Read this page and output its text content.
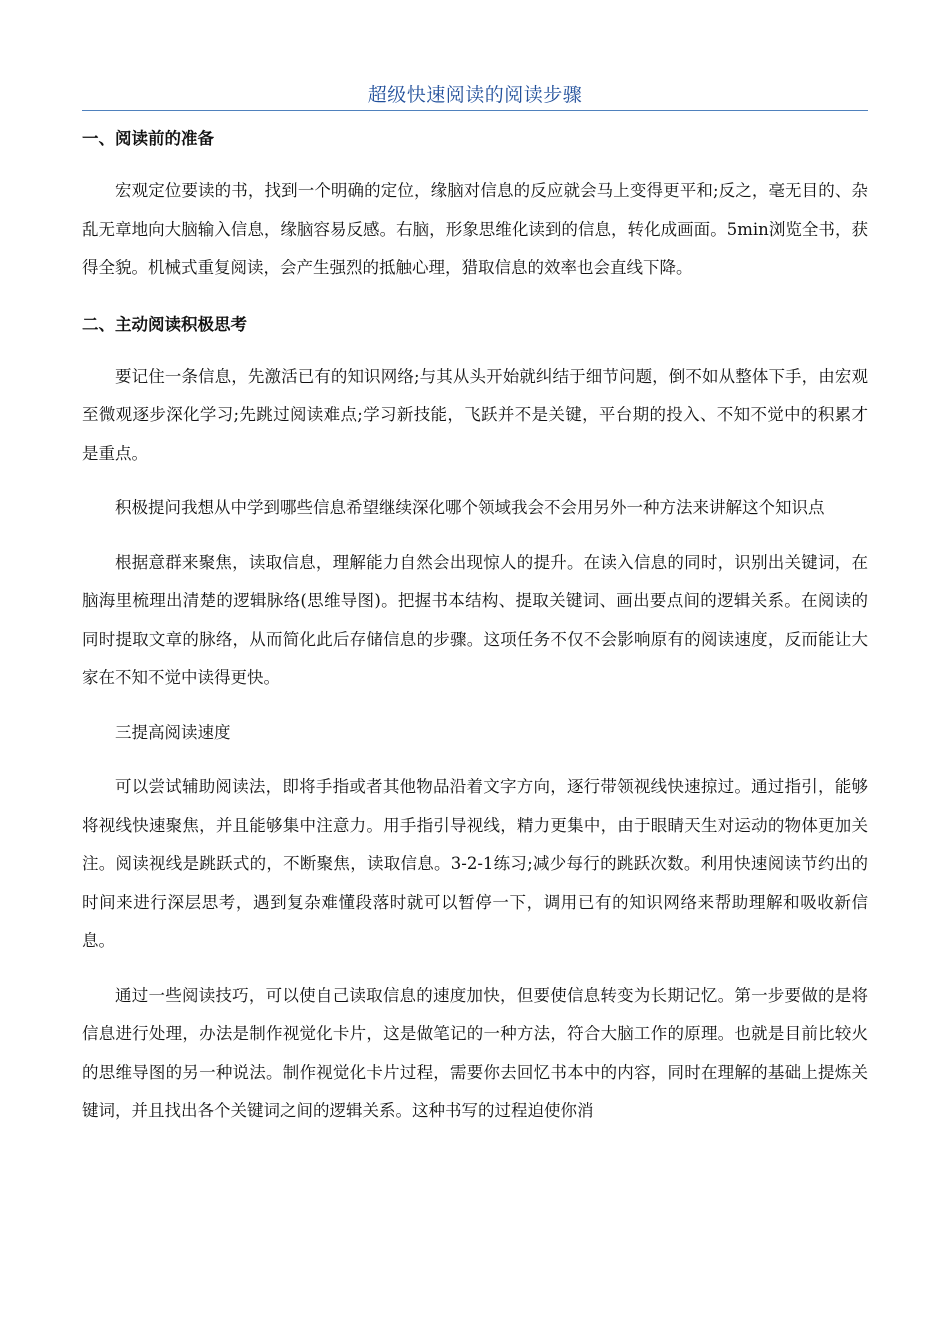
超级快速阅读的阅读步骤

一、阅读前的准备

宏观定位要读的书，找到一个明确的定位，缘脑对信息的反应就会马上变得更平和;反之，毫无目的、杂乱无章地向大脑输入信息，缘脑容易反感。右脑，形象思维化读到的信息，转化成画面。5min浏览全书，获得全貌。机械式重复阅读，会产生强烈的抵触心理，猎取信息的效率也会直线下降。

二、主动阅读积极思考

要记住一条信息，先激活已有的知识网络;与其从头开始就纠结于细节问题，倒不如从整体下手，由宏观至微观逐步深化学习;先跳过阅读难点;学习新技能，飞跃并不是关键，平台期的投入、不知不觉中的积累才是重点。

积极提问我想从中学到哪些信息希望继续深化哪个领域我会不会用另外一种方法来讲解这个知识点

根据意群来聚焦，读取信息，理解能力自然会出现惊人的提升。在读入信息的同时，识别出关键词，在脑海里梳理出清楚的逻辑脉络(思维导图)。把握书本结构、提取关键词、画出要点间的逻辑关系。在阅读的同时提取文章的脉络，从而简化此后存储信息的步骤。这项任务不仅不会影响原有的阅读速度，反而能让大家在不知不觉中读得更快。

三提高阅读速度

可以尝试辅助阅读法，即将手指或者其他物品沿着文字方向，逐行带领视线快速掠过。通过指引，能够将视线快速聚焦，并且能够集中注意力。用手指引导视线，精力更集中，由于眼睛天生对运动的物体更加关注。阅读视线是跳跃式的，不断聚焦，读取信息。3-2-1练习;减少每行的跳跃次数。利用快速阅读节约出的时间来进行深层思考，遇到复杂难懂段落时就可以暂停一下，调用已有的知识网络来帮助理解和吸收新信息。

通过一些阅读技巧，可以使自己读取信息的速度加快，但要使信息转变为长期记忆。第一步要做的是将信息进行处理，办法是制作视觉化卡片，这是做笔记的一种方法，符合大脑工作的原理。也就是目前比较火的思维导图的另一种说法。制作视觉化卡片过程，需要你去回忆书本中的内容，同时在理解的基础上提炼关键词，并且找出各个关键词之间的逻辑关系。这种书写的过程迫使你消
